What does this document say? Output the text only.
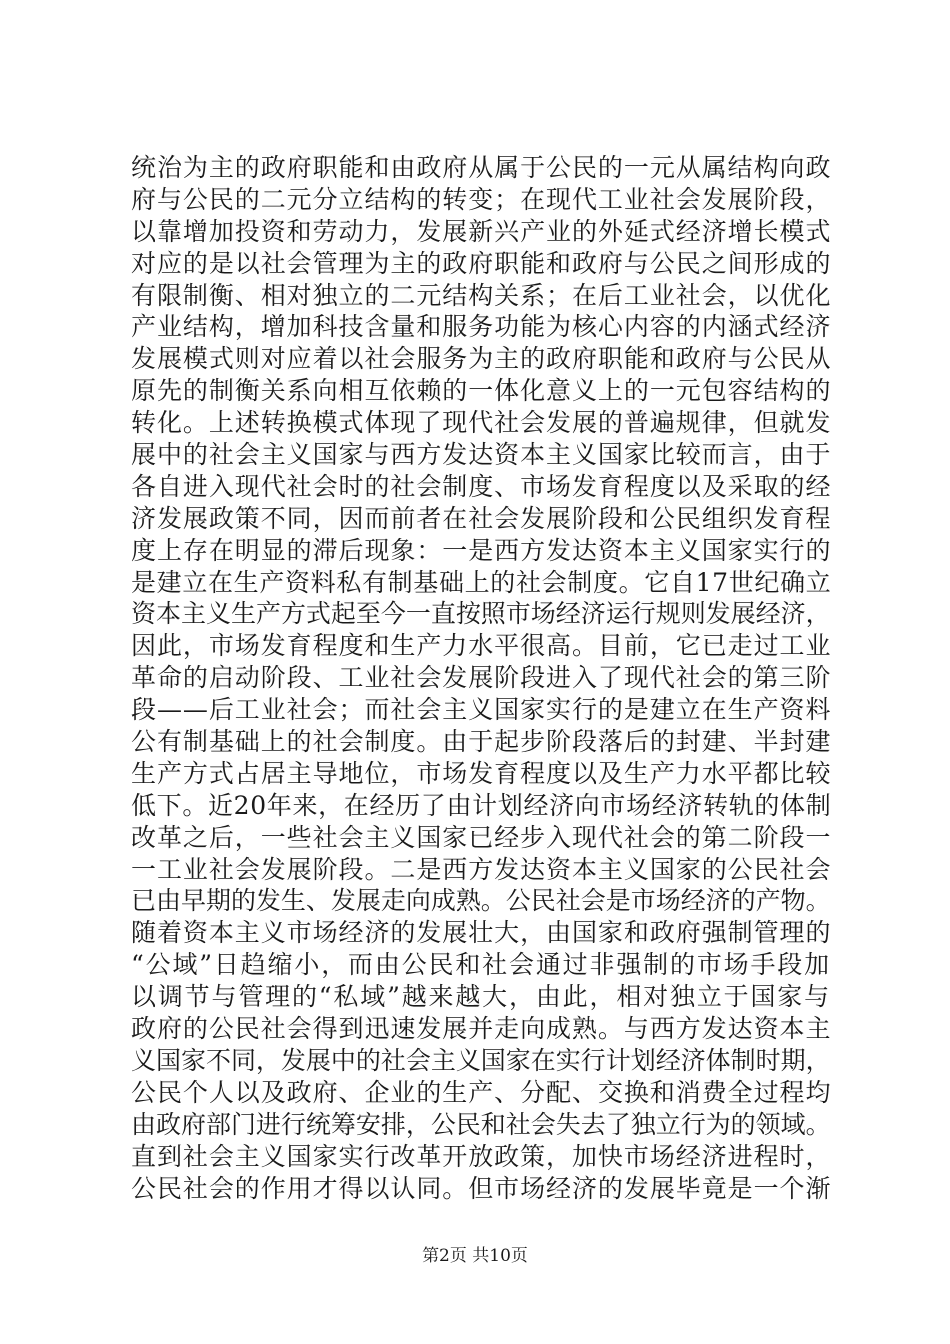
统治为主的政府职能和由政府从属于公民的一元从属结构向政
府与公民的二元分立结构的转变；在现代工业社会发展阶段，
以靠增加投资和劳动力，发展新兴产业的外延式经济增长模式
对应的是以社会管理为主的政府职能和政府与公民之间形成的
有限制衡、相对独立的二元结构关系；在后工业社会，以优化
产业结构，增加科技含量和服务功能为核心内容的内涵式经济
发展模式则对应着以社会服务为主的政府职能和政府与公民从
原先的制衡关系向相互依赖的一体化意义上的一元包容结构的
转化。上述转换模式体现了现代社会发展的普遍规律，但就发
展中的社会主义国家与西方发达资本主义国家比较而言，由于
各自进入现代社会时的社会制度、市场发育程度以及采取的经
济发展政策不同，因而前者在社会发展阶段和公民组织发育程
度上存在明显的滞后现象：一是西方发达资本主义国家实行的
是建立在生产资料私有制基础上的社会制度。它自17世纪确立
资本主义生产方式起至今一直按照市场经济运行规则发展经济，
因此，市场发育程度和生产力水平很高。目前，它已走过工业
革命的启动阶段、工业社会发展阶段进入了现代社会的第三阶
段——后工业社会；而社会主义国家实行的是建立在生产资料
公有制基础上的社会制度。由于起步阶段落后的封建、半封建
生产方式占居主导地位，市场发育程度以及生产力水平都比较
低下。近20年来，在经历了由计划经济向市场经济转轨的体制
改革之后，一些社会主义国家已经步入现代社会的第二阶段一
一工业社会发展阶段。二是西方发达资本主义国家的公民社会
已由早期的发生、发展走向成熟。公民社会是市场经济的产物。
随着资本主义市场经济的发展壮大，由国家和政府强制管理的
“公域”日趋缩小，而由公民和社会通过非强制的市场手段加
以调节与管理的“私域”越来越大，由此，相对独立于国家与
政府的公民社会得到迅速发展并走向成熟。与西方发达资本主
义国家不同，发展中的社会主义国家在实行计划经济体制时期，
公民个人以及政府、企业的生产、分配、交换和消费全过程均
由政府部门进行统筹安排，公民和社会失去了独立行为的领域。
直到社会主义国家实行改革开放政策，加快市场经济进程时，
公民社会的作用才得以认同。但市场经济的发展毕竟是一个渐
第2页 共10页
